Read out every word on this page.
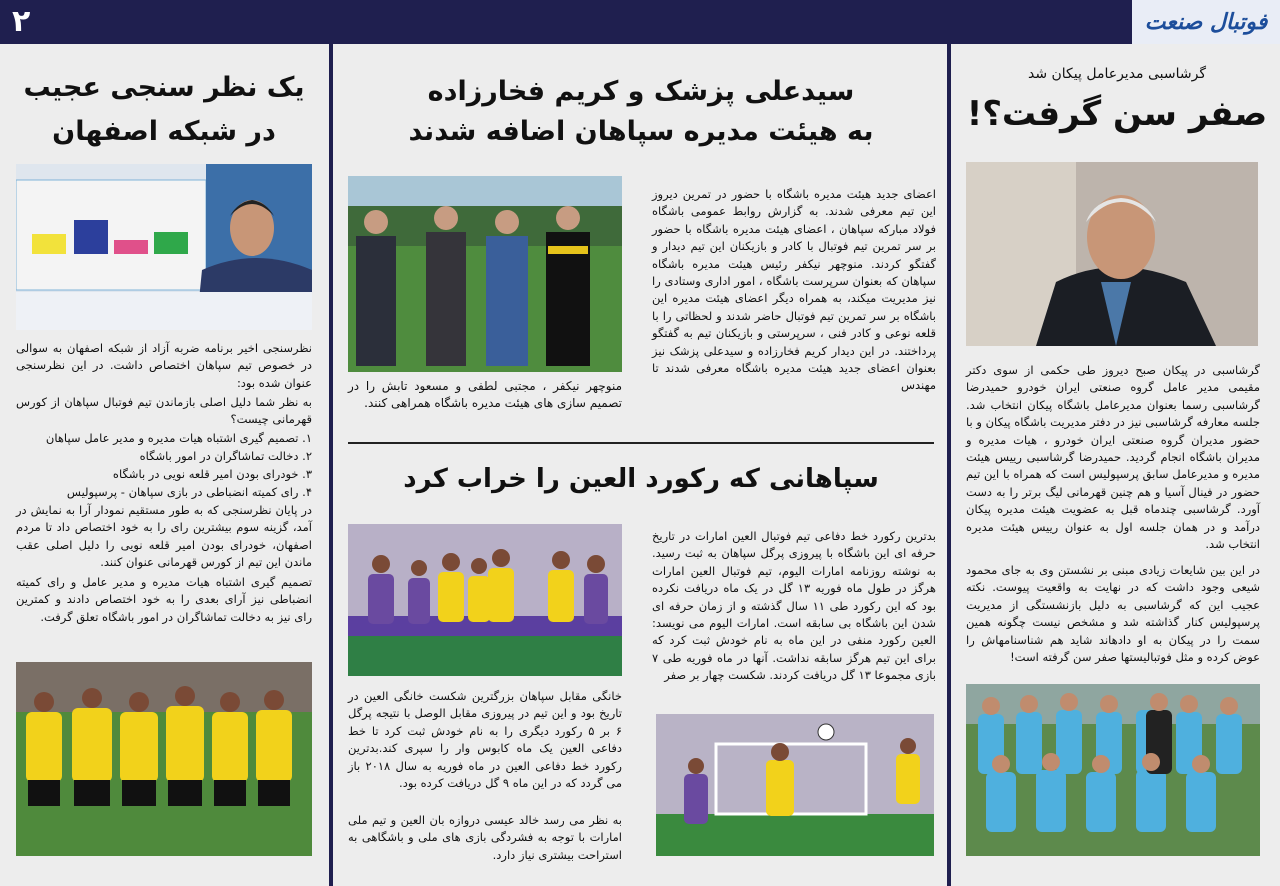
۲	فوتبال صنعت
گرشاسبی مدیرعامل پیکان شد
صفر سن گرفت؟!
گرشاسبی در پیکان صبح دیروز طی حکمی از سوی دکتر مقیمی مدیر عامل گروه صنعتی ایران خودرو حمیدرضا گرشاسبی رسما بعنوان مدیرعامل باشگاه پیکان انتخاب شد. جلسه معارفه گرشاسبی نیز در دفتر مدیریت باشگاه پیکان و با حضور مدیران گروه صنعتی ایران خودرو ، هیات مدیره و مدیران باشگاه انجام گردید. حمیدرضا گرشاسبی رییس هیئت مدیره و مدیرعامل سابق پرسپولیس است که همراه با این تیم حضور در فینال آسیا و هم چنین قهرمانی لیگ برتر را به دست آورد. گرشاسبی چندماه قبل به عضویت هیئت مدیره پیکان درآمد و در همان جلسه اول به عنوان رییس هیئت مدیره انتخاب شد.
در این بین شایعات زیادی مبنی بر نشستن وی به جای محمود شیعی وجود داشت که در نهایت به واقعیت پیوست. نکته عجیب این که گرشاسبی به دلیل بازنشستگی از مدیریت پرسپولیس کنار گذاشته شد و مشخص نیست چگونه همین سمت را در پیکان به او دادهاند شاید هم شناسنامهاش را عوض کرده و مثل فوتبالیستها صفر سن گرفته است!
سیدعلی پزشک و کریم فخارزاده
به هیئت مدیره سپاهان اضافه شدند
اعضای جدید هیئت مدیره باشگاه با حضور در تمرین دیروز این تیم معرفی شدند. به گزارش روابط عمومی باشگاه فولاد مبارکه سپاهان ، اعضای هیئت مدیره باشگاه با حضور بر سر تمرین تیم فوتبال با کادر و بازیکنان این تیم دیدار و گفتگو کردند. منوچهر نیکفر رئیس هیئت مدیره باشگاه سپاهان که بعنوان سرپرست باشگاه ، امور اداری وستادی را نیز مدیریت میکند، به همراه دیگر اعضای هیئت مدیره این باشگاه بر سر تمرین تیم فوتبال حاضر شدند و لحظاتی را با قلعه نوعی و کادر فنی ، سرپرستی و بازیکنان تیم به گفتگو پرداختند. در این دیدار کریم فخارزاده و سیدعلی پزشک نیز بعنوان اعضای جدید هیئت مدیره باشگاه معرفی شدند تا مهندس
منوچهر نیکفر ، مجتبی لطفی و مسعود تابش را در تصمیم سازی های هیئت مدیره باشگاه همراهی کنند.
سپاهانی که رکورد العین را خراب کرد
بدترین رکورد خط دفاعی تیم فوتبال العین امارات در تاریخ حرفه ای این باشگاه با پیروزی پرگل سپاهان به ثبت رسید. به نوشته روزنامه امارات الیوم، تیم فوتبال العین امارات هرگز در طول ماه فوریه ۱۳ گل در یک ماه دریافت نکرده بود که این رکورد طی ۱۱ سال گذشته و از زمان حرفه ای شدن این باشگاه بی سابقه است. امارات الیوم می نویسد: العین رکورد منفی در این ماه به نام خودش ثبت کرد که برای این تیم هرگز سابقه نداشت. آنها در ماه فوریه طی ۷ بازی مجموعا ۱۳ گل دریافت کردند. شکست چهار بر صفر
خانگی مقابل سپاهان بزرگترین شکست خانگی العین در تاریخ بود و این تیم در پیروزی مقابل الوصل با نتیجه پرگل ۶ بر ۵ رکورد دیگری را به نام خودش ثبت کرد تا خط دفاعی العین یک ماه کابوس وار را سپری کند.بدترین رکورد خط دفاعی العین در ماه فوریه به سال ۲۰۱۸ باز می گردد که در این ماه ۹ گل دریافت کرده بود.
به نظر می رسد خالد عیسی دروازه بان العین و تیم ملی امارات با توجه به فشردگی بازی های ملی و باشگاهی به استراحت بیشتری نیاز دارد.
یک نظر سنجی عجیب
در شبکه اصفهان
نظرسنجی اخیر برنامه ضربه آزاد از شبکه اصفهان به سوالی در خصوص تیم سپاهان اختصاص داشت. در این نظرسنجی عنوان شده بود:
به نظر شما دلیل اصلی بازماندن تیم فوتبال سپاهان از کورس قهرمانی چیست؟
۱. تصمیم گیری اشتباه هیات مدیره و مدیر عامل سپاهان
۲. دخالت تماشاگران در امور باشگاه
۳. خودرای بودن امیر قلعه نویی در باشگاه
۴. رای کمیته انضباطی در بازی سپاهان - پرسپولیس
در پایان نظرسنجی که به طور مستقیم نمودار آرا به نمایش در آمد، گزینه سوم بیشترین رای را به خود اختصاص داد تا مردم اصفهان، خودرای بودن امیر قلعه نویی را دلیل اصلی عقب ماندن این تیم از کورس قهرمانی عنوان کنند.
تصمیم گیری اشتباه هیات مدیره و مدیر عامل و رای کمیته انضباطی نیز آرای بعدی را به خود اختصاص دادند و کمترین رای نیز به دخالت تماشاگران در امور باشگاه تعلق گرفت.
